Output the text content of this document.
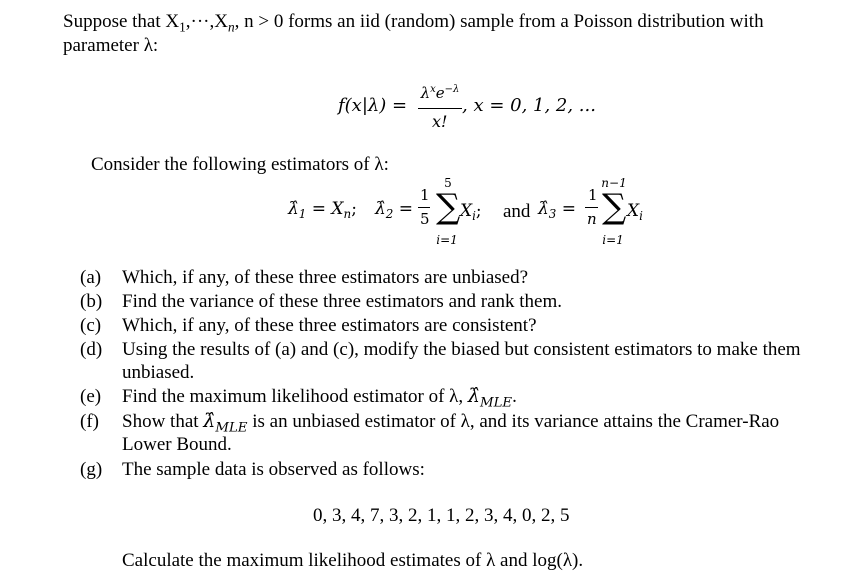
Suppose that $X_1,\cdot\cdot\cdot,X_n$, n > 0 forms an iid (random) sample from a Poisson distribution with
parameter λ:
f(x|λ) =
$\lambda^xe^{-\lambda}$
x!
, x = 0, 1, 2, ...
Consider the following estimators of λ:
$\lambdâ_1 = X_n$; $\lambdâ_2$ =
1
5
5
∑
i=1
$X_i$; and $\lambdâ_3$ =
1
n
n−1
∑
i=1
$X_i$
(a) Which, if any, of these three estimators are unbiased?
(b) Find the variance of these three estimators and rank them.
(c) Which, if any, of these three estimators are consistent?
(d) Using the results of (a) and (c), modify the biased but consistent estimators to make them
unbiased.
(e) Find the maximum likelihood estimator of λ, $\lambdâ_{MLE}$.
(f) Show that $\lambdâ_{MLE}$ is an unbiased estimator of λ, and its variance attains the Cramer-Rao
Lower Bound.
(g) The sample data is observed as follows:
0, 3, 4, 7, 3, 2, 1, 1, 2, 3, 4, 0, 2, 5
Calculate the maximum likelihood estimates of λ and log(λ).
